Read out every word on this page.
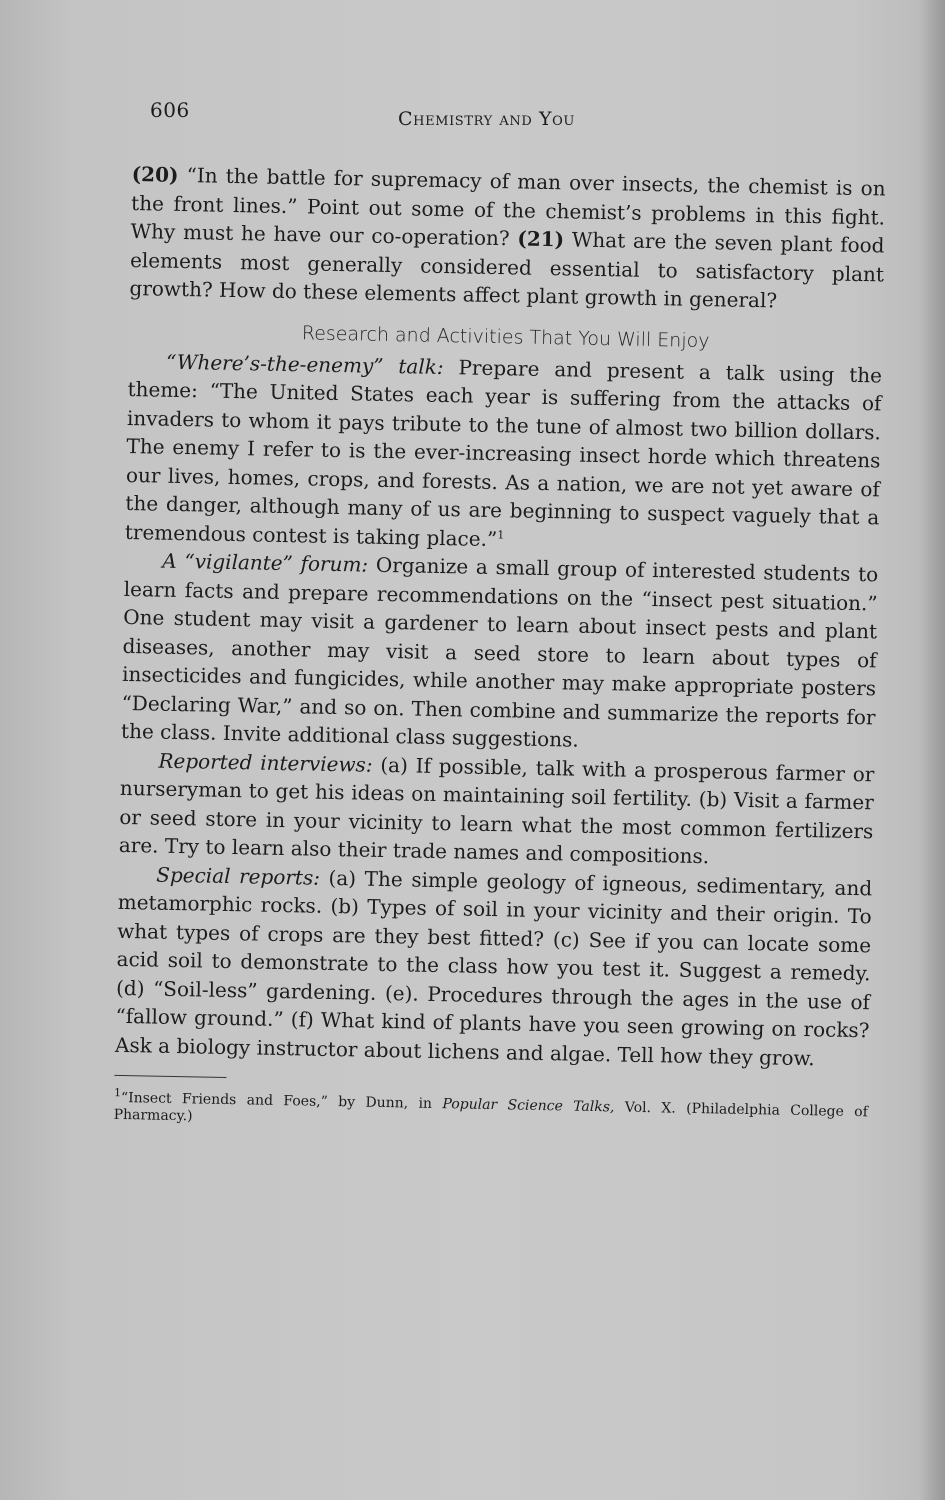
606	Chemistry and You

(20) “In the battle for supremacy of man over insects, the chemist is on the front lines.” Point out some of the chemist’s problems in this fight. Why must he have our co-operation? (21) What are the seven plant food elements most generally considered essential to satisfactory plant growth? How do these elements affect plant growth in general?

Research and Activities That You Will Enjoy

“Where’s-the-enemy” talk: Prepare and present a talk using the theme: “The United States each year is suffering from the attacks of invaders to whom it pays tribute to the tune of almost two billion dollars. The enemy I refer to is the ever-increasing insect horde which threatens our lives, homes, crops, and forests. As a nation, we are not yet aware of the danger, although many of us are beginning to suspect vaguely that a tremendous contest is taking place.”$^1$

A “vigilante” forum: Organize a small group of interested students to learn facts and prepare recommendations on the “insect pest situation.” One student may visit a gardener to learn about insect pests and plant diseases, another may visit a seed store to learn about types of insecticides and fungicides, while another may make appropriate posters “Declaring War,” and so on. Then combine and summarize the reports for the class. Invite additional class suggestions.

Reported interviews: (a) If possible, talk with a prosperous farmer or nurseryman to get his ideas on maintaining soil fertility. (b) Visit a farmer or seed store in your vicinity to learn what the most common fertilizers are. Try to learn also their trade names and compositions.

Special reports: (a) The simple geology of igneous, sedimentary, and metamorphic rocks. (b) Types of soil in your vicinity and their origin. To what types of crops are they best fitted? (c) See if you can locate some acid soil to demonstrate to the class how you test it. Suggest a remedy. (d) “Soil-less” gardening. (e). Procedures through the ages in the use of “fallow ground.” (f) What kind of plants have you seen growing on rocks? Ask a biology instructor about lichens and algae. Tell how they grow.

$^1$“Insect Friends and Foes,” by Dunn, in Popular Science Talks, Vol. X. (Philadelphia College of Pharmacy.)
